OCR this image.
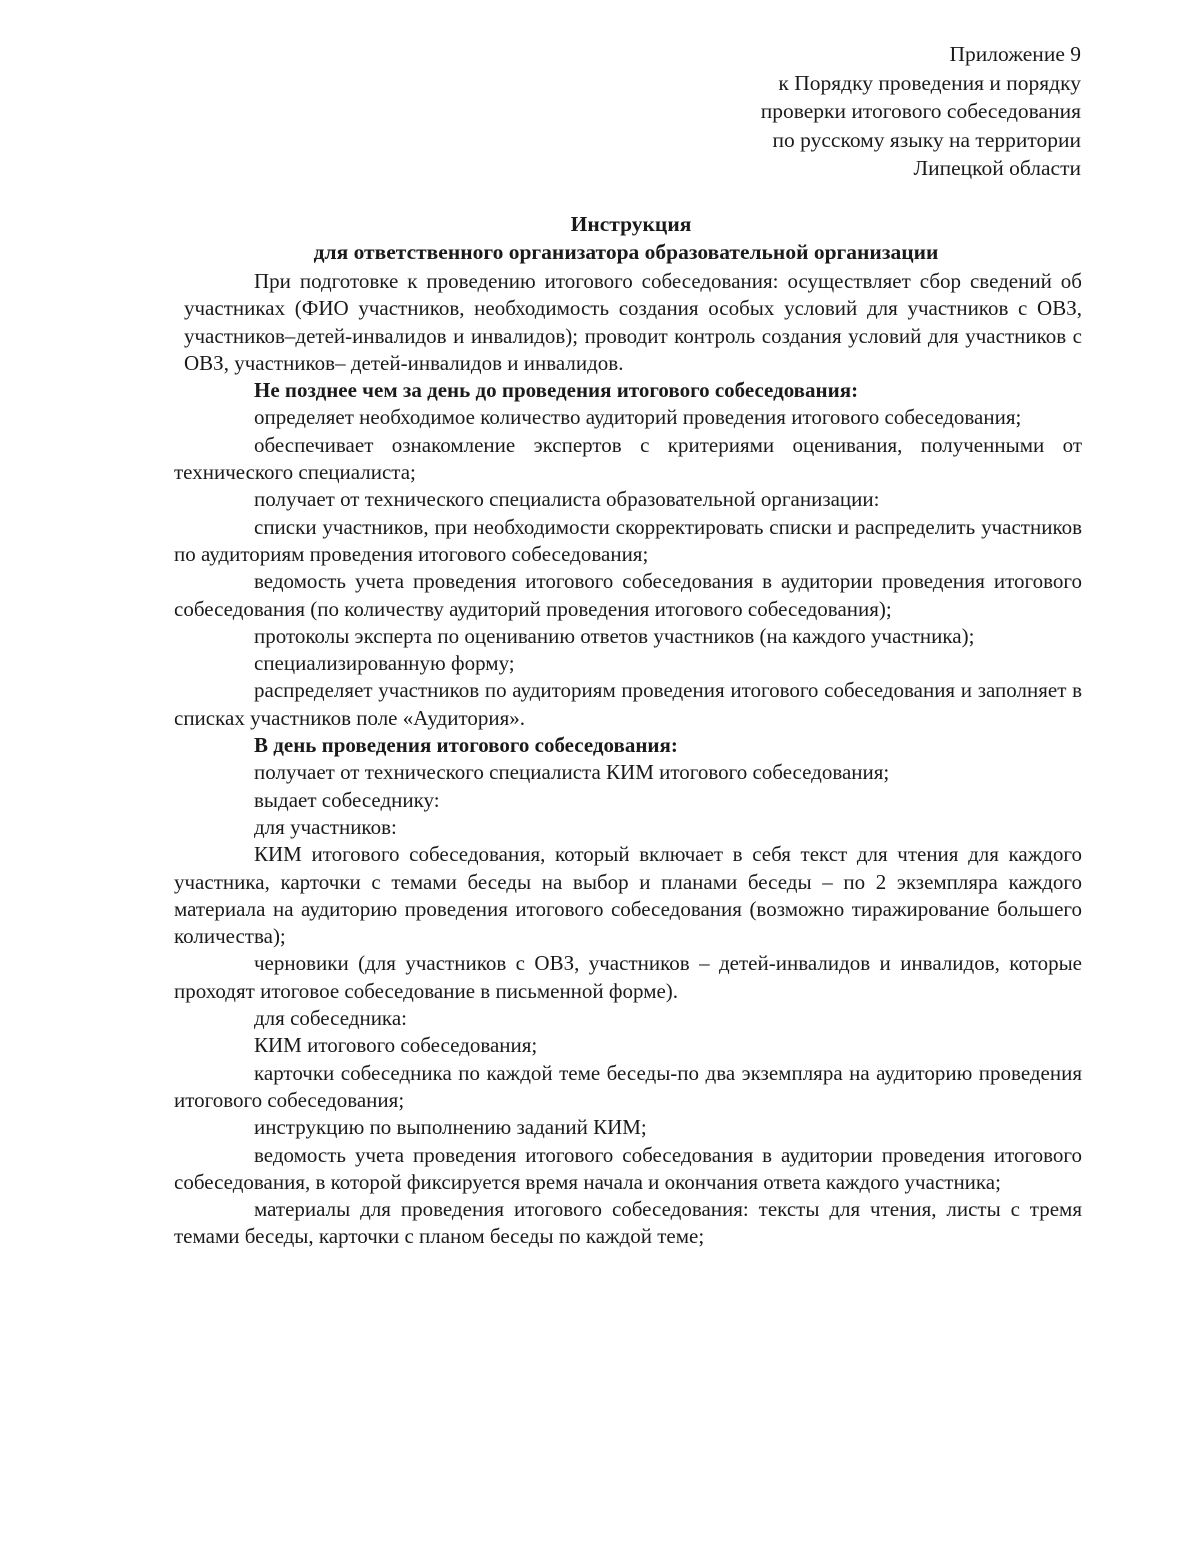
Приложение 9
к Порядку проведения и порядку
проверки итогового собеседования
по русскому языку на территории
Липецкой области
Инструкция
для ответственного организатора образовательной организации

При подготовке к проведению итогового собеседования: осуществляет сбор сведений об участниках (ФИО участников, необходимость создания особых условий для участников с ОВЗ, участников–детей-инвалидов и инвалидов); проводит контроль создания условий для участников с ОВЗ, участников– детей-инвалидов и инвалидов.

Не позднее чем за день до проведения итогового собеседования:

определяет необходимое количество аудиторий проведения итогового собеседования;

обеспечивает ознакомление экспертов с критериями оценивания, полученными от технического специалиста;

получает от технического специалиста образовательной организации:

списки участников, при необходимости скорректировать списки и распределить участников по аудиториям проведения итогового собеседования;

ведомость учета проведения итогового собеседования в аудитории проведения итогового собеседования (по количеству аудиторий проведения итогового собеседования);

протоколы эксперта по оцениванию ответов участников (на каждого участника);

специализированную форму;

распределяет участников по аудиториям проведения итогового собеседования и заполняет в списках участников поле «Аудитория».

В день проведения итогового собеседования:

получает от технического специалиста КИМ итогового собеседования;

выдает собеседнику:

для участников:

КИМ итогового собеседования, который включает в себя текст для чтения для каждого участника, карточки с темами беседы на выбор и планами беседы – по 2 экземпляра каждого материала на аудиторию проведения итогового собеседования (возможно тиражирование большего количества);

черновики (для участников с ОВЗ, участников – детей-инвалидов и инвалидов, которые проходят итоговое собеседование в письменной форме).

для собеседника:

КИМ итогового собеседования;

карточки собеседника по каждой теме беседы-по два экземпляра на аудиторию проведения итогового собеседования;

инструкцию по выполнению заданий КИМ;

ведомость учета проведения итогового собеседования в аудитории проведения итогового собеседования, в которой фиксируется время начала и окончания ответа каждого участника;

материалы для проведения итогового собеседования: тексты для чтения, листы с тремя темами беседы, карточки с планом беседы по каждой теме;
